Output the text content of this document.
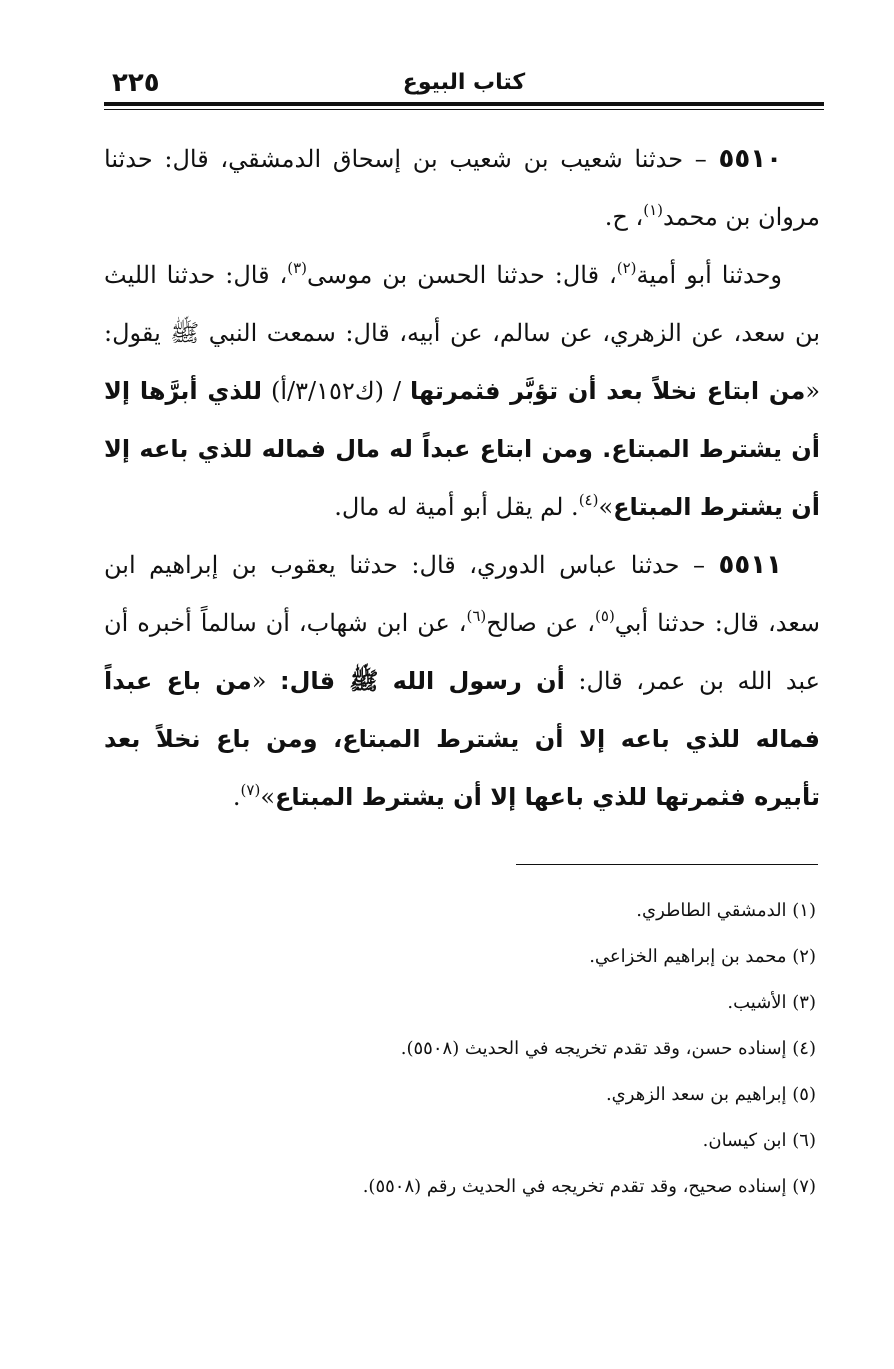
كتاب البيوع
٢٢٥

٥٥١٠ – حدثنا شعيب بن شعيب بن إسحاق الدمشقي، قال: حدثنا مروان بن محمد$^{(١)}$، ح.

وحدثنا أبو أمية$^{(٢)}$، قال: حدثنا الحسن بن موسى$^{(٣)}$، قال: حدثنا الليث بن سعد، عن الزهري، عن سالم، عن أبيه، قال: سمعت النبي ﷺ يقول: «من ابتاع نخلاً بعد أن تؤبَّر فثمرتها / (ك٣/١٥٢/أ) للذي أبرَّها إلا أن يشترط المبتاع. ومن ابتاع عبداً له مال فماله للذي باعه إلا أن يشترط المبتاع»$^{(٤)}$. لم يقل أبو أمية له مال.

٥٥١١ – حدثنا عباس الدوري، قال: حدثنا يعقوب بن إبراهيم ابن سعد، قال: حدثنا أبي$^{(٥)}$، عن صالح$^{(٦)}$، عن ابن شهاب، أن سالماً أخبره أن عبد الله بن عمر، قال: أن رسول الله ﷺ قال: «من باع عبداً فماله للذي باعه إلا أن يشترط المبتاع، ومن باع نخلاً بعد تأبيره فثمرتها للذي باعها إلا أن يشترط المبتاع»$^{(٧)}$.

(١) الدمشقي الطاطري.

(٢) محمد بن إبراهيم الخزاعي.

(٣) الأشيب.

(٤) إسناده حسن، وقد تقدم تخريجه في الحديث (٥٥٠٨).

(٥) إبراهيم بن سعد الزهري.

(٦) ابن كيسان.

(٧) إسناده صحيح، وقد تقدم تخريجه في الحديث رقم (٥٥٠٨).
